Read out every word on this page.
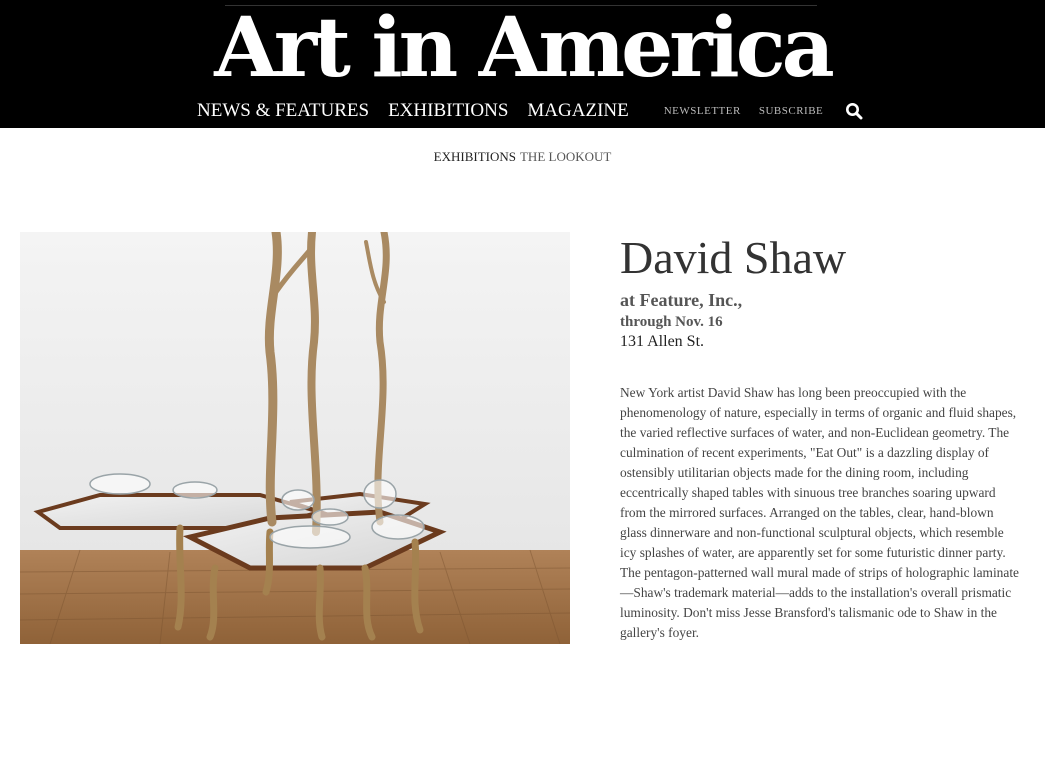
Art in America
NEWS & FEATURES EXHIBITIONS MAGAZINE	NEWSLETTER SUBSCRIBE
EXHIBITIONS THE LOOKOUT
David Shaw
at Feature, Inc.,
through Nov. 16
131 Allen St.

New York artist David Shaw has long been preoccupied with the phenomenology of nature, especially in terms of organic and fluid shapes, the varied reflective surfaces of water, and non-Euclidean geometry. The culmination of recent experiments, "Eat Out" is a dazzling display of ostensibly utilitarian objects made for the dining room, including eccentrically shaped tables with sinuous tree branches soaring upward from the mirrored surfaces. Arranged on the tables, clear, hand-blown glass dinnerware and non-functional sculptural objects, which resemble icy splashes of water, are apparently set for some futuristic dinner party. The pentagon-patterned wall mural made of strips of holographic laminate—Shaw's trademark material—adds to the installation's overall prismatic luminosity. Don't miss Jesse Bransford's talismanic ode to Shaw in the gallery's foyer.
